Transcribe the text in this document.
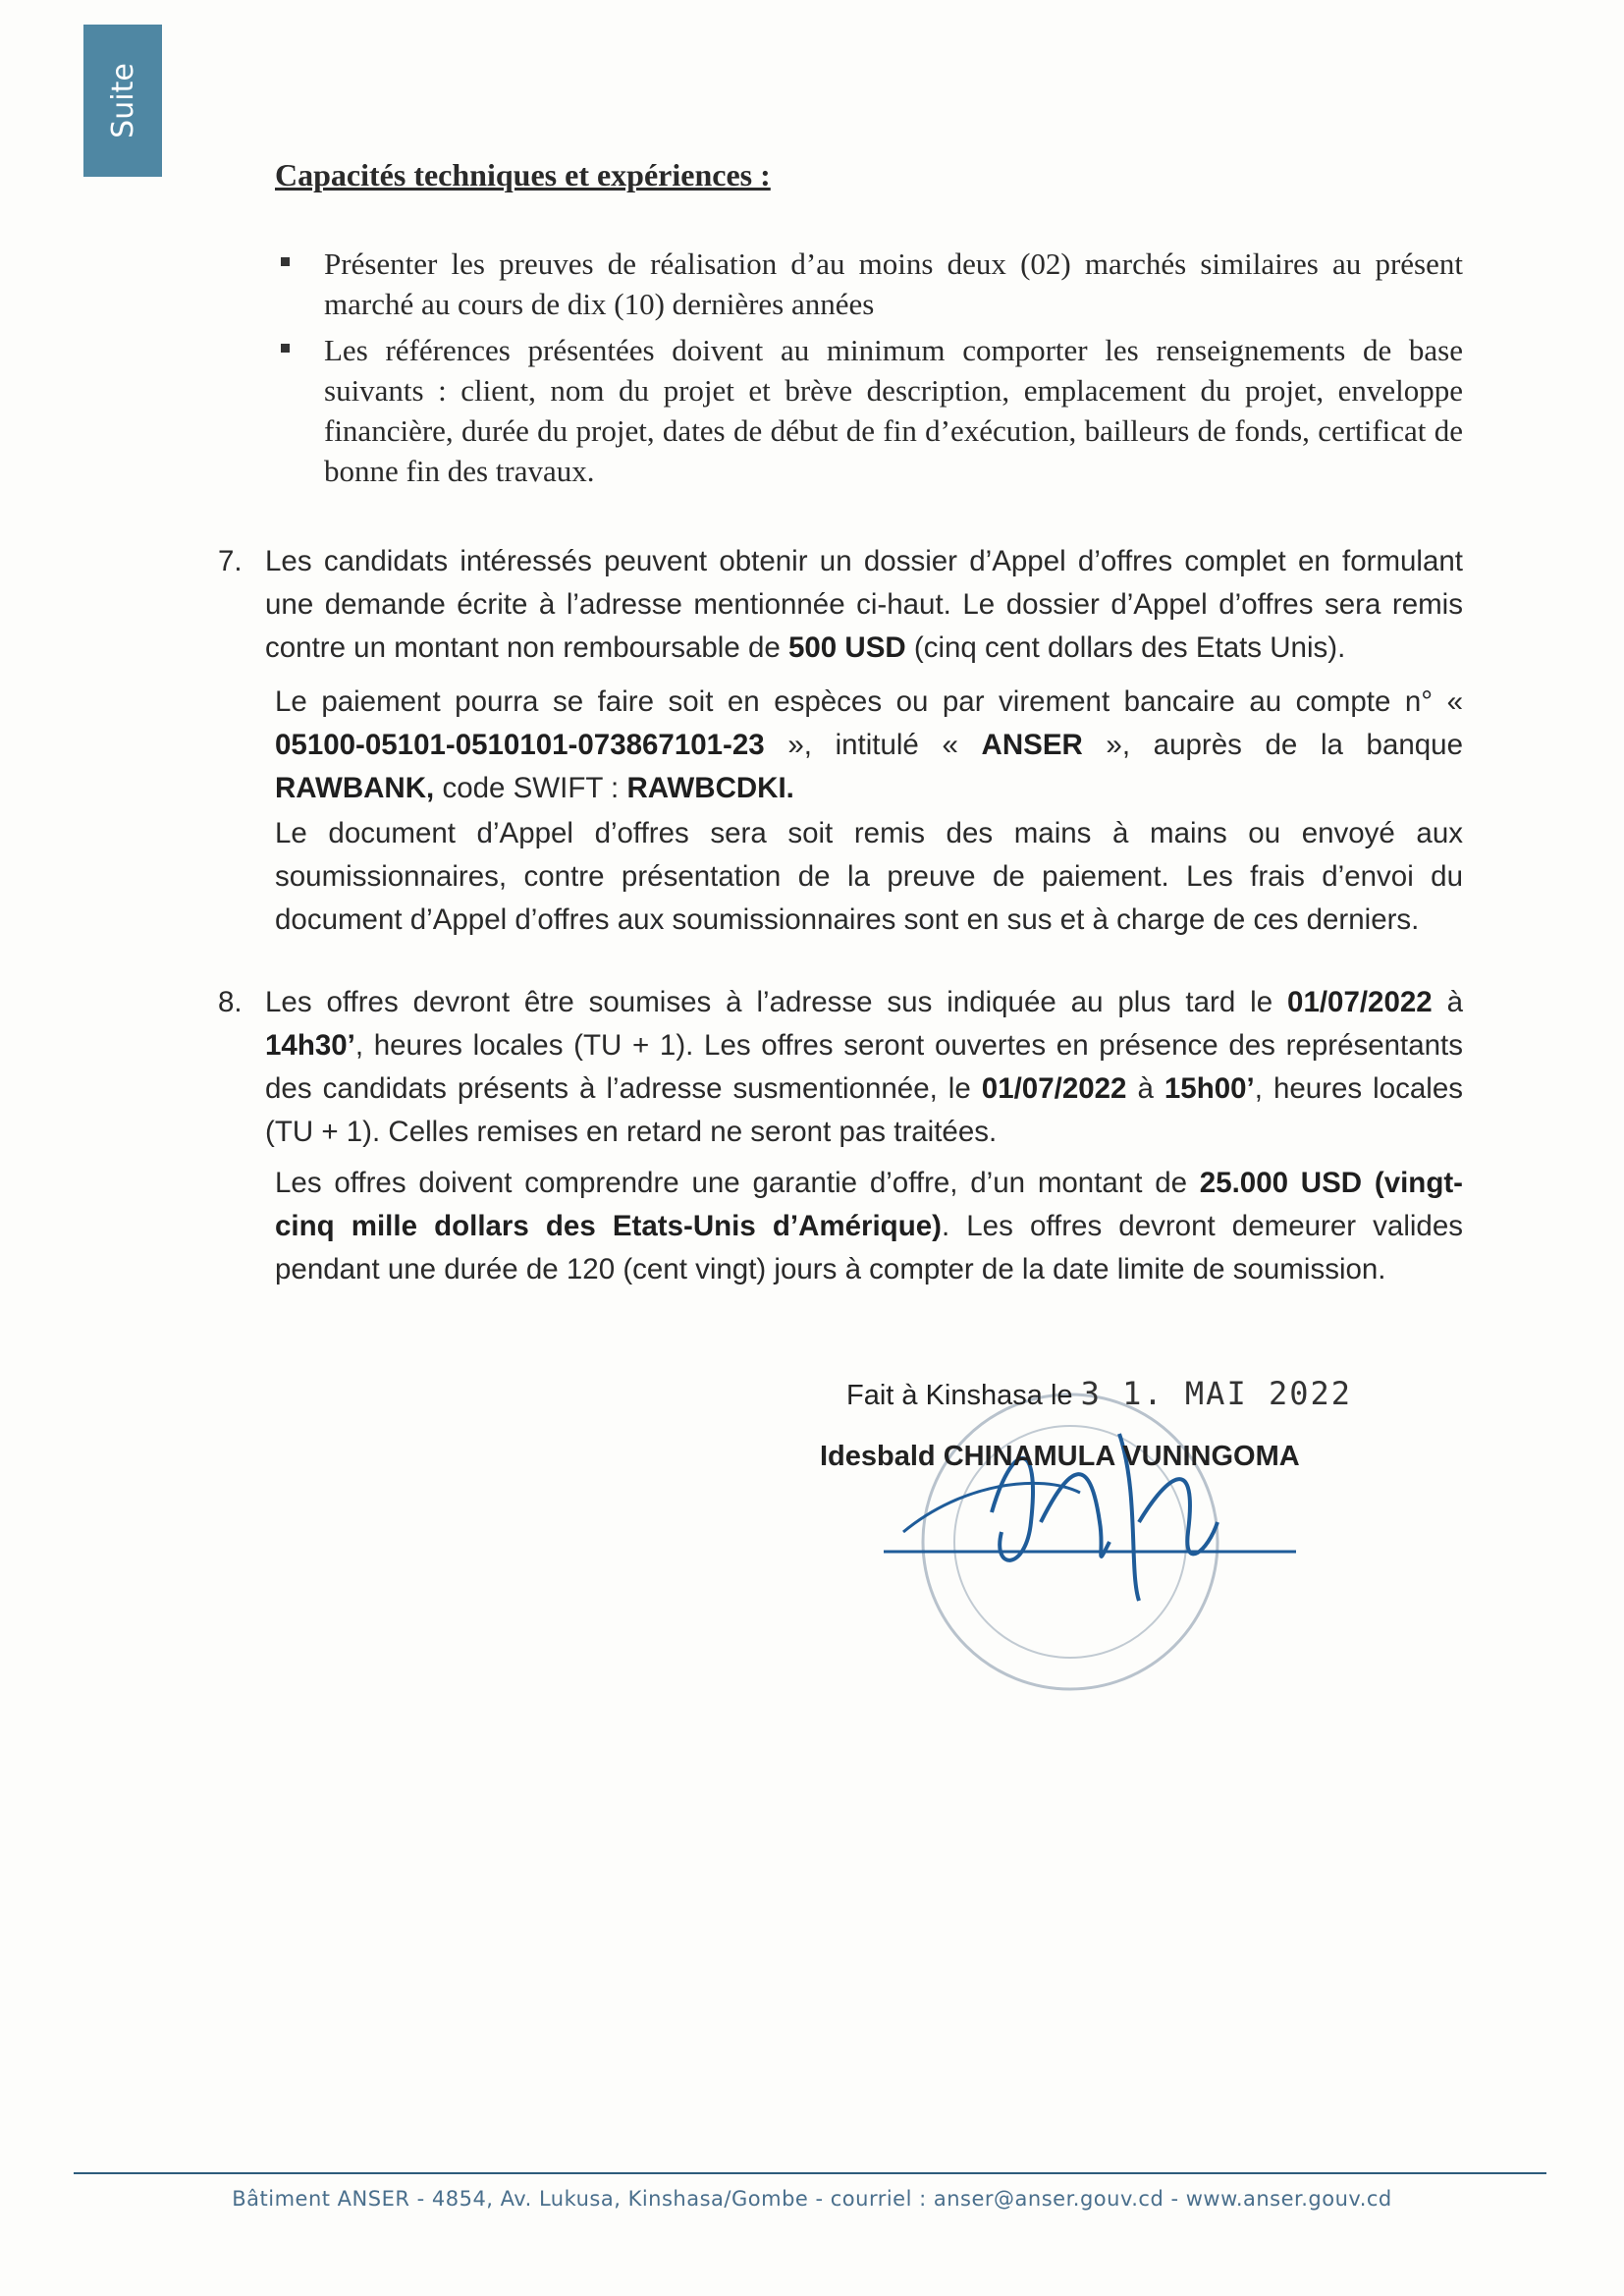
Suite
Capacités techniques et expériences :
Présenter les preuves de réalisation d’au moins deux (02) marchés similaires au présent marché au cours de dix (10) dernières années
Les références présentées doivent au minimum comporter les renseignements de base suivants : client, nom du projet et brève description, emplacement du projet, enveloppe financière, durée du projet, dates de début de fin d’exécution, bailleurs de fonds, certificat de bonne fin des travaux.
7. Les candidats intéressés peuvent obtenir un dossier d’Appel d’offres complet en formulant une demande écrite à l’adresse mentionnée ci-haut. Le dossier d’Appel d’offres sera remis contre un montant non remboursable de 500 USD (cinq cent dollars des Etats Unis).
Le paiement pourra se faire soit en espèces ou par virement bancaire au compte n° « 05100-05101-0510101-073867101-23 », intitulé « ANSER », auprès de la banque RAWBANK, code SWIFT : RAWBCDKI.
Le document d’Appel d’offres sera soit remis des mains à mains ou envoyé aux soumissionnaires, contre présentation de la preuve de paiement. Les frais d’envoi du document d’Appel d’offres aux soumissionnaires sont en sus et à charge de ces derniers.
8. Les offres devront être soumises à l’adresse sus indiquée au plus tard le 01/07/2022 à 14h30’, heures locales (TU + 1). Les offres seront ouvertes en présence des représentants des candidats présents à l’adresse susmentionnée, le 01/07/2022 à 15h00’, heures locales (TU + 1). Celles remises en retard ne seront pas traitées.
Les offres doivent comprendre une garantie d’offre, d’un montant de 25.000 USD (vingt-cinq mille dollars des Etats-Unis d’Amérique). Les offres devront demeurer valides pendant une durée de 120 (cent vingt) jours à compter de la date limite de soumission.
Fait à Kinshasa le 3 1. MAI 2022
Idesbald CHINAMULA VUNINGOMA
Bâtiment ANSER - 4854, Av. Lukusa, Kinshasa/Gombe - courriel : anser@anser.gouv.cd - www.anser.gouv.cd
